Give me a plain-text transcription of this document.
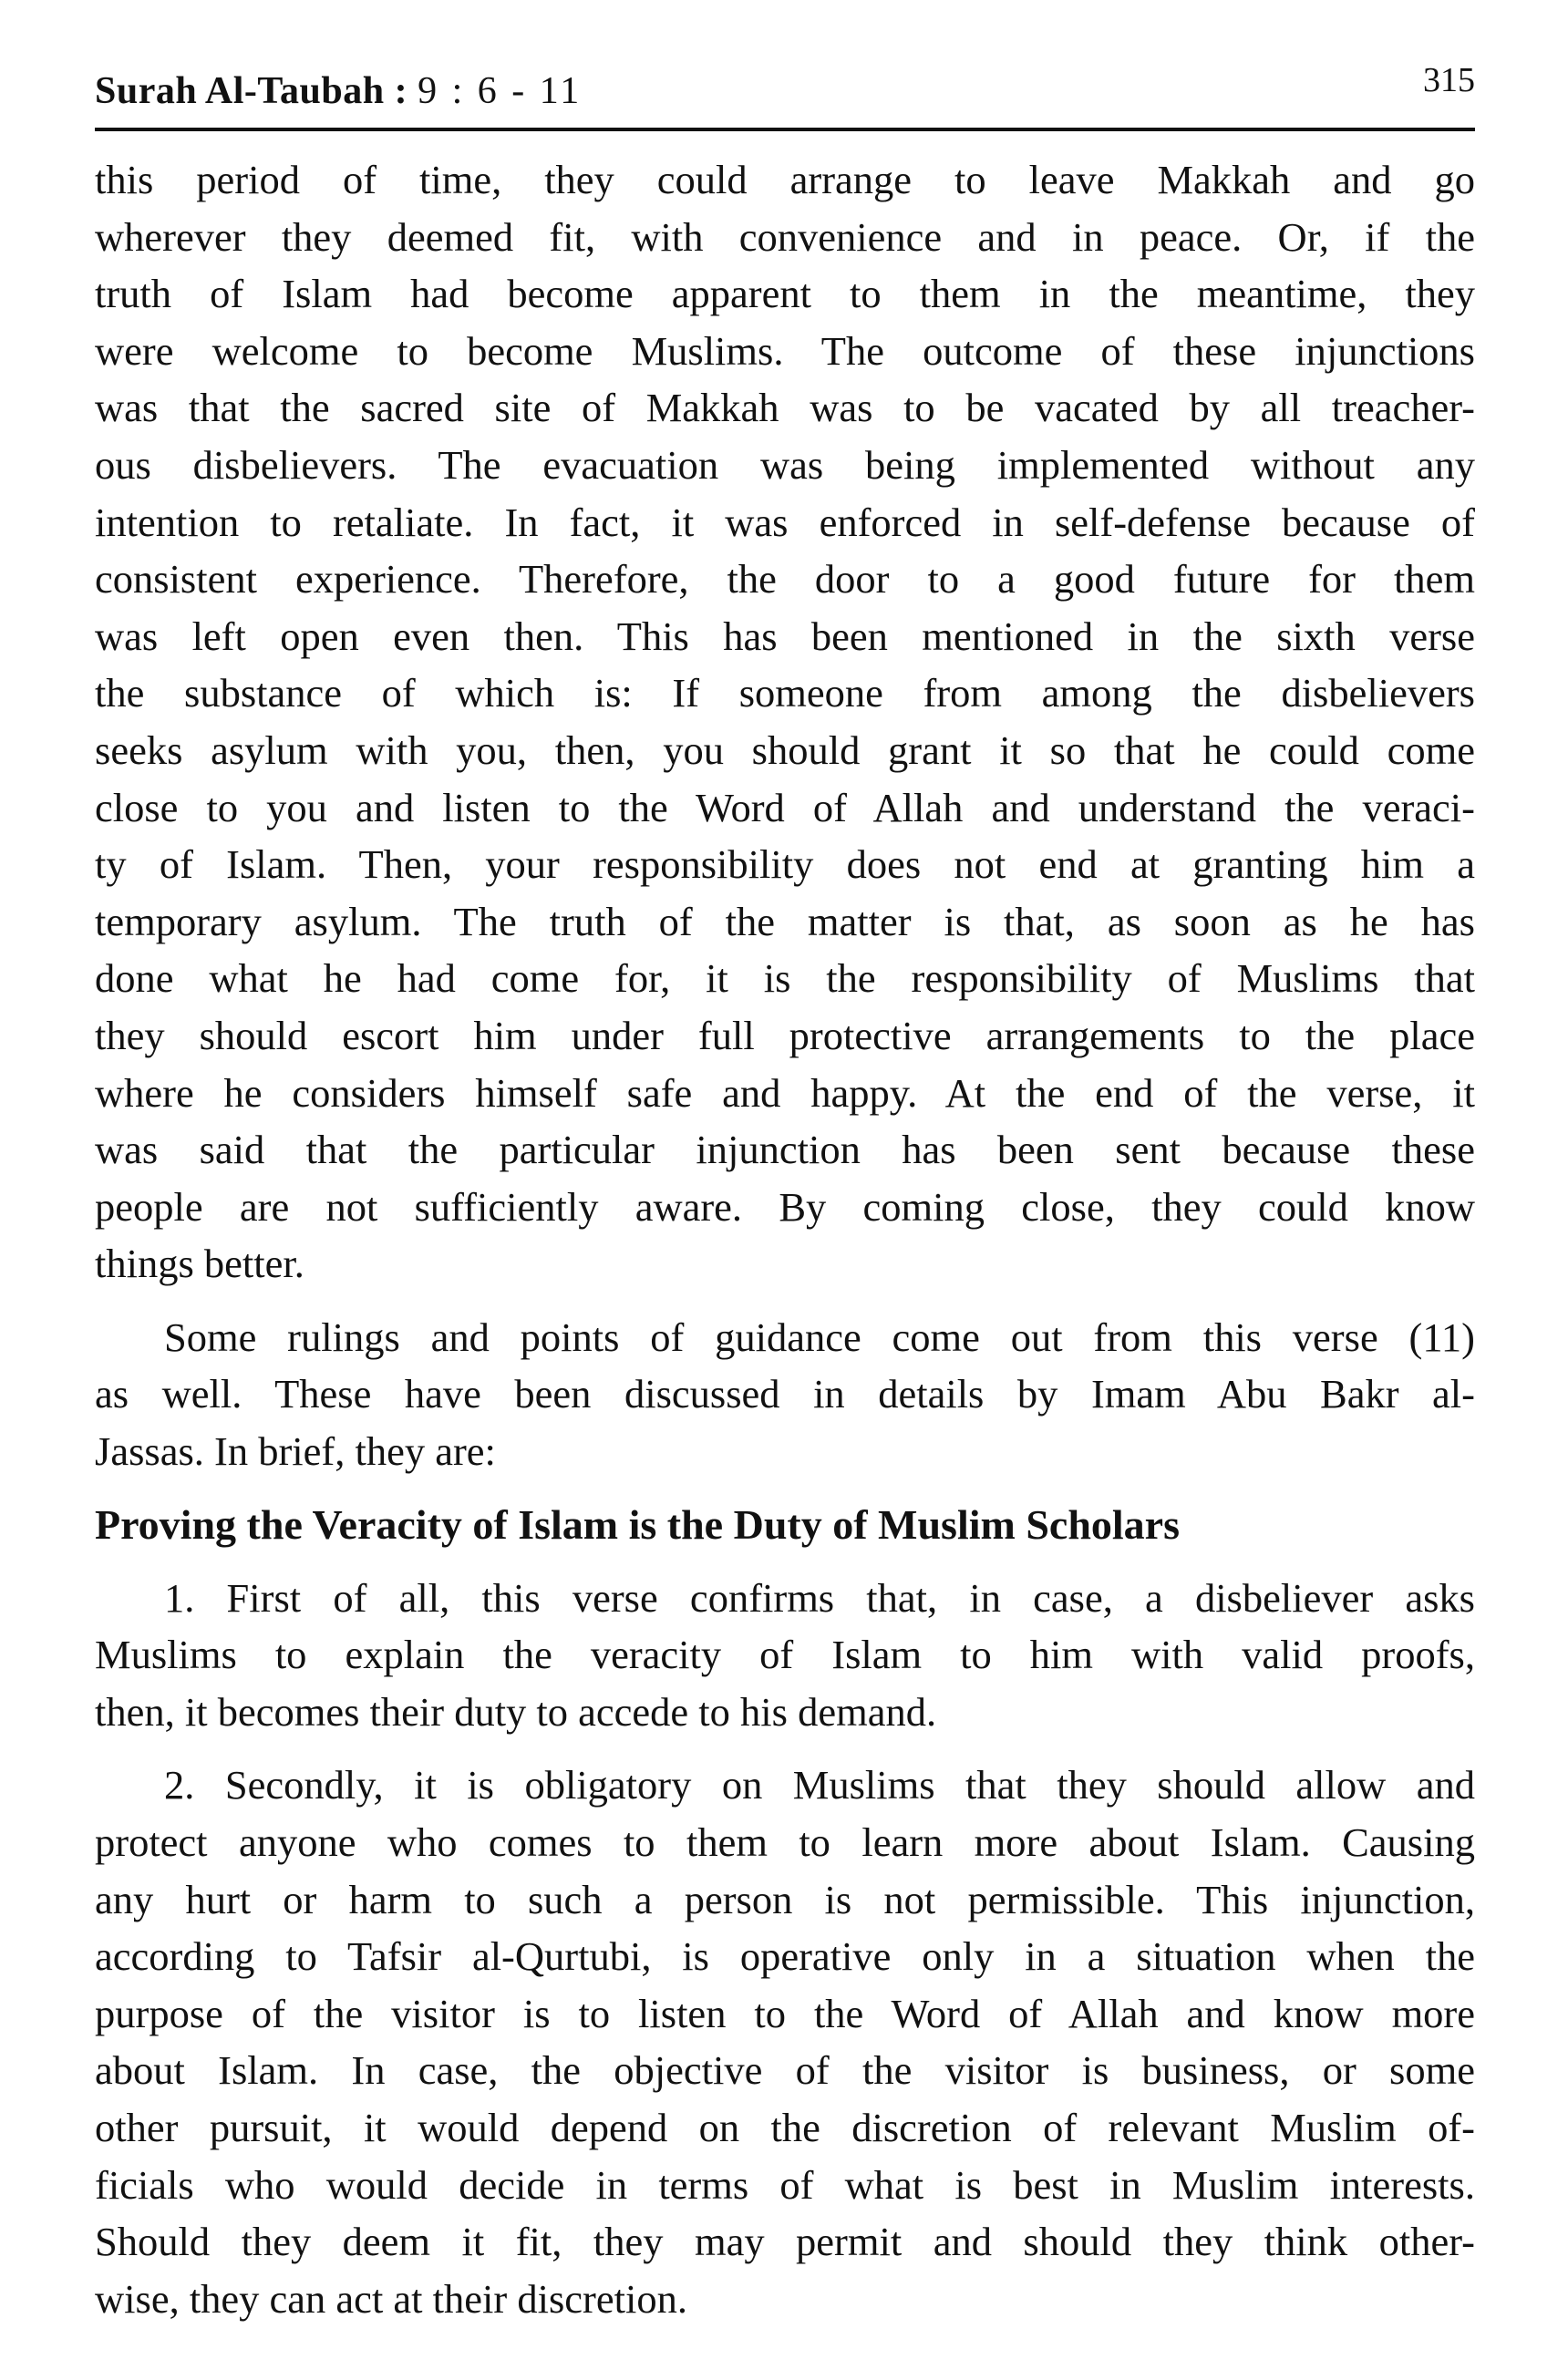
Surah Al-Taubah : 9 : 6 - 11	315

this period of time, they could arrange to leave Makkah and go
wherever they deemed fit, with convenience and in peace. Or, if the
truth of Islam had become apparent to them in the meantime, they
were welcome to become Muslims. The outcome of these injunctions
was that the sacred site of Makkah was to be vacated by all treacher-
ous disbelievers. The evacuation was being implemented without any
intention to retaliate. In fact, it was enforced in self-defense because of
consistent experience. Therefore, the door to a good future for them
was left open even then. This has been mentioned in the sixth verse
the substance of which is: If someone from among the disbelievers
seeks asylum with you, then, you should grant it so that he could come
close to you and listen to the Word of Allah and understand the veraci-
ty of Islam. Then, your responsibility does not end at granting him a
temporary asylum. The truth of the matter is that, as soon as he has
done what he had come for, it is the responsibility of Muslims that
they should escort him under full protective arrangements to the place
where he considers himself safe and happy. At the end of the verse, it
was said that the particular injunction has been sent because these
people are not sufficiently aware. By coming close, they could know
things better.

Some rulings and points of guidance come out from this verse (11)
as well. These have been discussed in details by Imam Abu Bakr al-
Jassas. In brief, they are:

Proving the Veracity of Islam is the Duty of Muslim Scholars

1. First of all, this verse confirms that, in case, a disbeliever asks
Muslims to explain the veracity of Islam to him with valid proofs,
then, it becomes their duty to accede to his demand.

2. Secondly, it is obligatory on Muslims that they should allow and
protect anyone who comes to them to learn more about Islam. Causing
any hurt or harm to such a person is not permissible. This injunction,
according to Tafsir al-Qurtubi, is operative only in a situation when the
purpose of the visitor is to listen to the Word of Allah and know more
about Islam. In case, the objective of the visitor is business, or some
other pursuit, it would depend on the discretion of relevant Muslim of-
ficials who would decide in terms of what is best in Muslim interests.
Should they deem it fit, they may permit and should they think other-
wise, they can act at their discretion.
